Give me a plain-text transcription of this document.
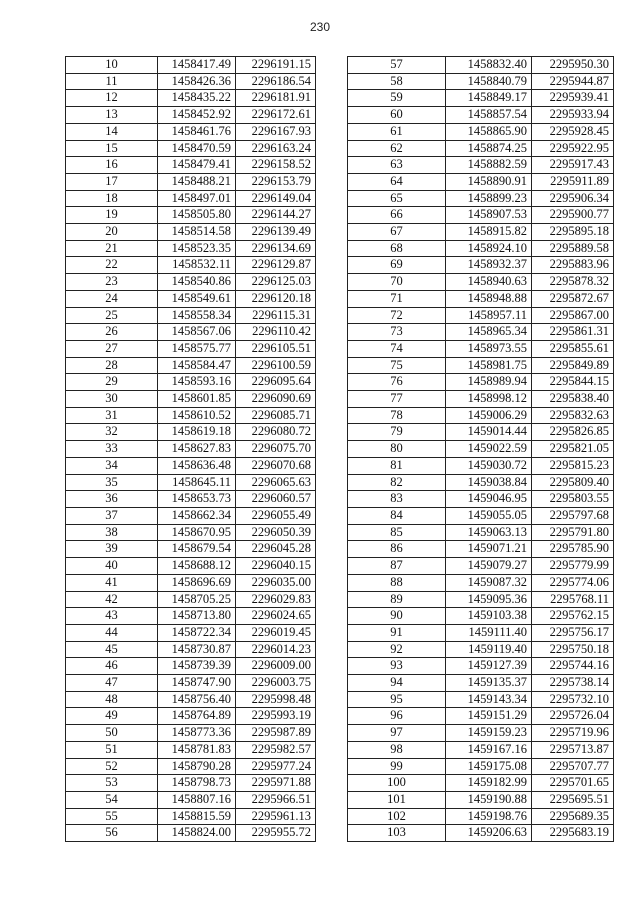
230
10	1458417.49	2296191.15
11	1458426.36	2296186.54
12	1458435.22	2296181.91
13	1458452.92	2296172.61
14	1458461.76	2296167.93
15	1458470.59	2296163.24
16	1458479.41	2296158.52
17	1458488.21	2296153.79
18	1458497.01	2296149.04
19	1458505.80	2296144.27
20	1458514.58	2296139.49
21	1458523.35	2296134.69
22	1458532.11	2296129.87
23	1458540.86	2296125.03
24	1458549.61	2296120.18
25	1458558.34	2296115.31
26	1458567.06	2296110.42
27	1458575.77	2296105.51
28	1458584.47	2296100.59
29	1458593.16	2296095.64
30	1458601.85	2296090.69
31	1458610.52	2296085.71
32	1458619.18	2296080.72
33	1458627.83	2296075.70
34	1458636.48	2296070.68
35	1458645.11	2296065.63
36	1458653.73	2296060.57
37	1458662.34	2296055.49
38	1458670.95	2296050.39
39	1458679.54	2296045.28
40	1458688.12	2296040.15
41	1458696.69	2296035.00
42	1458705.25	2296029.83
43	1458713.80	2296024.65
44	1458722.34	2296019.45
45	1458730.87	2296014.23
46	1458739.39	2296009.00
47	1458747.90	2296003.75
48	1458756.40	2295998.48
49	1458764.89	2295993.19
50	1458773.36	2295987.89
51	1458781.83	2295982.57
52	1458790.28	2295977.24
53	1458798.73	2295971.88
54	1458807.16	2295966.51
55	1458815.59	2295961.13
56	1458824.00	2295955.72
57	1458832.40	2295950.30
58	1458840.79	2295944.87
59	1458849.17	2295939.41
60	1458857.54	2295933.94
61	1458865.90	2295928.45
62	1458874.25	2295922.95
63	1458882.59	2295917.43
64	1458890.91	2295911.89
65	1458899.23	2295906.34
66	1458907.53	2295900.77
67	1458915.82	2295895.18
68	1458924.10	2295889.58
69	1458932.37	2295883.96
70	1458940.63	2295878.32
71	1458948.88	2295872.67
72	1458957.11	2295867.00
73	1458965.34	2295861.31
74	1458973.55	2295855.61
75	1458981.75	2295849.89
76	1458989.94	2295844.15
77	1458998.12	2295838.40
78	1459006.29	2295832.63
79	1459014.44	2295826.85
80	1459022.59	2295821.05
81	1459030.72	2295815.23
82	1459038.84	2295809.40
83	1459046.95	2295803.55
84	1459055.05	2295797.68
85	1459063.13	2295791.80
86	1459071.21	2295785.90
87	1459079.27	2295779.99
88	1459087.32	2295774.06
89	1459095.36	2295768.11
90	1459103.38	2295762.15
91	1459111.40	2295756.17
92	1459119.40	2295750.18
93	1459127.39	2295744.16
94	1459135.37	2295738.14
95	1459143.34	2295732.10
96	1459151.29	2295726.04
97	1459159.23	2295719.96
98	1459167.16	2295713.87
99	1459175.08	2295707.77
100	1459182.99	2295701.65
101	1459190.88	2295695.51
102	1459198.76	2295689.35
103	1459206.63	2295683.19
